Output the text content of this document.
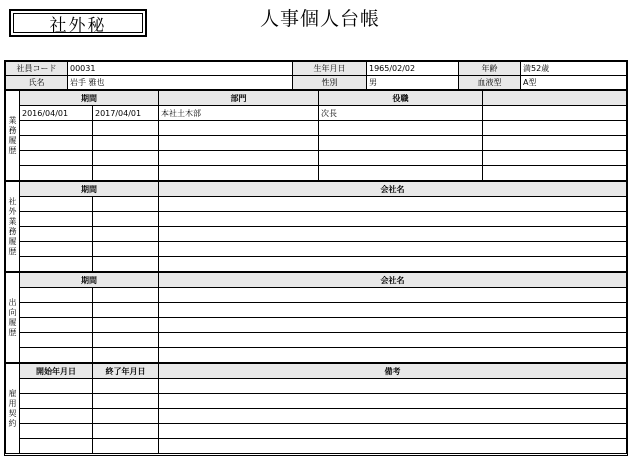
社外秘	人事個人台帳
社員コード	00031	生年月日	1965/02/02	年齢	満52歳
氏名	岩手 雅也	性別	男	血液型	A型
業務履歴	期間		部門	役職	
	2016/04/01	2017/04/01	本社土木部	次長	

社外業務履歴	期間		会社名

出向履歴	期間		会社名

雇用契約	開始年月日	終了年月日	備考
